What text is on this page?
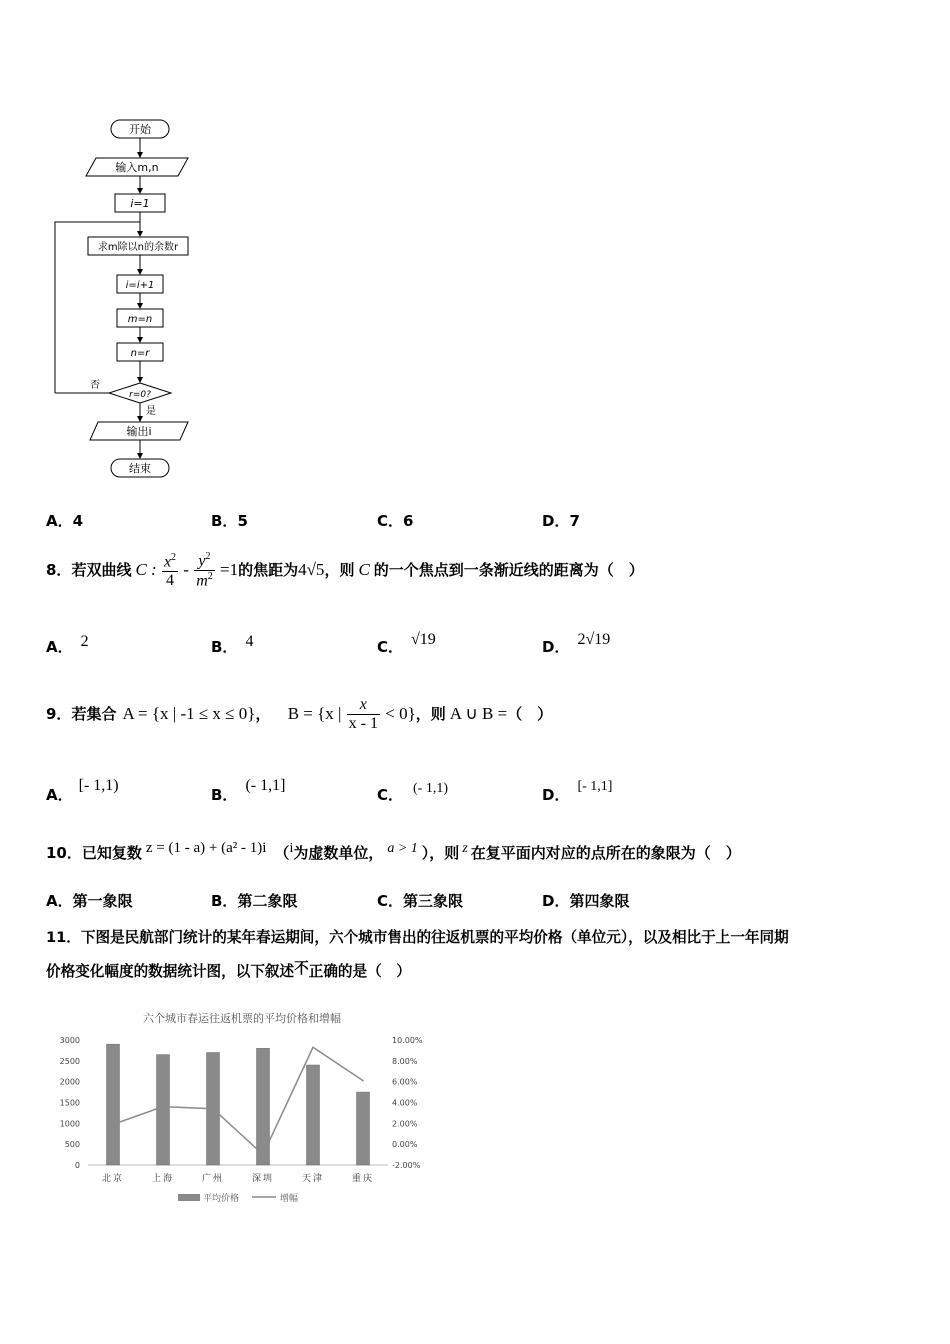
开始
输入m,n
i=1
求m除以n的余数r
i=i+1
m=n
n=r
r=0?
否
是
输出i
结束
A．4	B．5	C．6	D．7
8．若双曲线 C : $\frac{x^2}{4} - \frac{y^2}{m^2} =1$的焦距为4√5，则 C 的一个焦点到一条渐近线的距离为（　）
A． 2	B． 4	C． √19	D． 2√19
9．若集合 A = {x | -1 ≤ x ≤ 0}， B = {x | $\frac{x}{x - 1} < 0$}，则 A ∪ B =（　）
A．[- 1,1)
B．(- 1,1]
C． (- 1,1)	D． [- 1,1]
10．已知复数 z = (1 - a) + (a² - 1)i （i为虚数单位， a > 1 ），则 z 在复平面内对应的点所在的象限为（　）
A．第一象限	B．第二象限	C．第三象限	D．第四象限
11．下图是民航部门统计的某年春运期间，六个城市售出的往返机票的平均价格（单位元），以及相比于上一年同期
价格变化幅度的数据统计图，以下叙述不正确的是（　）
六个城市春运往返机票的平均价格和增幅
0
500
1000
1500
2000
2500
3000
-2.00%
0.00%
2.00%
4.00%
6.00%
8.00%
10.00%
北京	上海	广州	深圳	天津	重庆
平均价格	增幅
